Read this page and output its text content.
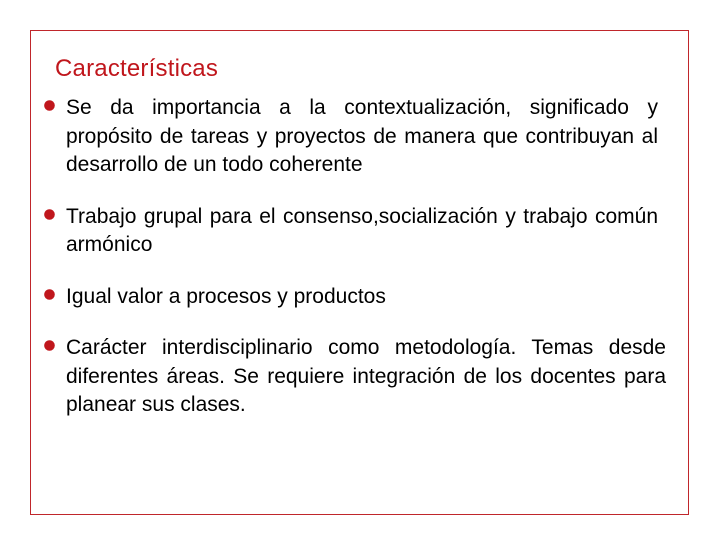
Características
Se da importancia a la contextualización, significado y propósito de tareas y proyectos de manera que contribuyan al desarrollo de un todo coherente
Trabajo grupal para el consenso,socialización y trabajo común armónico
Igual valor a procesos y productos
Carácter interdisciplinario como metodología. Temas desde diferentes áreas. Se requiere integración de los docentes para planear sus clases.
